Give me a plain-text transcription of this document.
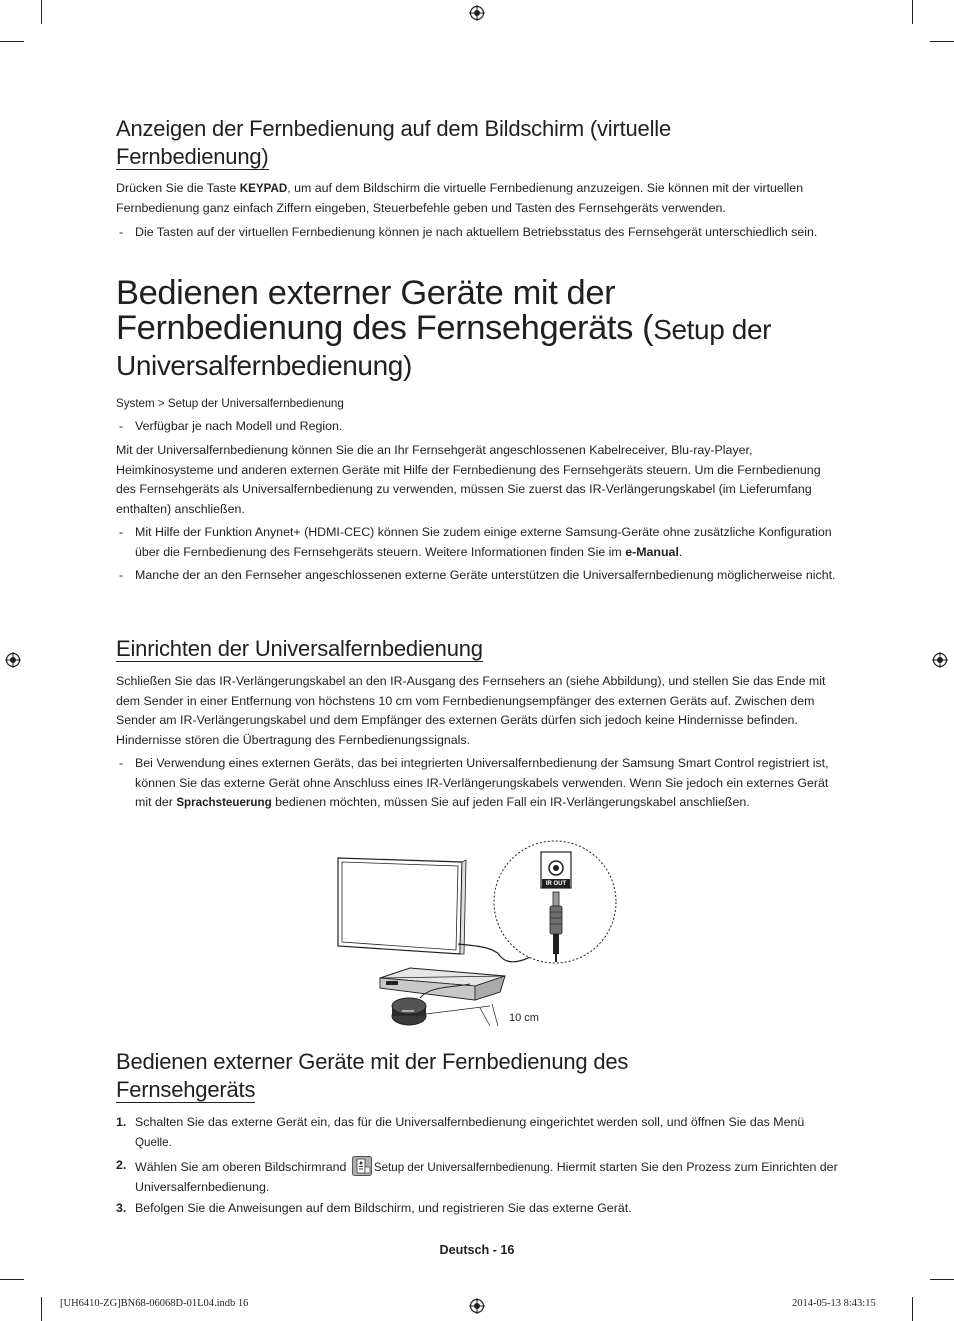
Anzeigen der Fernbedienung auf dem Bildschirm (virtuelle
Fernbedienung)

Drücken Sie die Taste KEYPAD, um auf dem Bildschirm die virtuelle Fernbedienung anzuzeigen. Sie können mit der virtuellen Fernbedienung ganz einfach Ziffern eingeben, Steuerbefehle geben und Tasten des Fernsehgeräts verwenden.

- Die Tasten auf der virtuellen Fernbedienung können je nach aktuellem Betriebsstatus des Fernsehgerät unterschiedlich sein.

Bedienen externer Geräte mit der
Fernbedienung des Fernsehgeräts (Setup der
Universalfernbedienung)
System > Setup der Universalfernbedienung
- Verfügbar je nach Modell und Region.

Mit der Universalfernbedienung können Sie die an Ihr Fernsehgerät angeschlossenen Kabelreceiver, Blu-ray-Player, Heimkinosysteme und anderen externen Geräte mit Hilfe der Fernbedienung des Fernsehgeräts steuern. Um die Fernbedienung des Fernsehgeräts als Universalfernbedienung zu verwenden, müssen Sie zuerst das IR-Verlängerungskabel (im Lieferumfang enthalten) anschließen.

- Mit Hilfe der Funktion Anynet+ (HDMI-CEC) können Sie zudem einige externe Samsung-Geräte ohne zusätzliche Konfiguration über die Fernbedienung des Fernsehgeräts steuern. Weitere Informationen finden Sie im e-Manual.

- Manche der an den Fernseher angeschlossenen externe Geräte unterstützen die Universalfernbedienung möglicherweise nicht.

Einrichten der Universalfernbedienung

Schließen Sie das IR-Verlängerungskabel an den IR-Ausgang des Fernsehers an (siehe Abbildung), und stellen Sie das Ende mit dem Sender in einer Entfernung von höchstens 10 cm vom Fernbedienungsempfänger des externen Geräts auf. Zwischen dem Sender am IR-Verlängerungskabel und dem Empfänger des externen Geräts dürfen sich jedoch keine Hindernisse befinden. Hindernisse stören die Übertragung des Fernbedienungssignals.

- Bei Verwendung eines externen Geräts, das bei integrierten Universalfernbedienung der Samsung Smart Control registriert ist, können Sie das externe Gerät ohne Anschluss eines IR-Verlängerungskabels verwenden. Wenn Sie jedoch ein externes Gerät mit der Sprachsteuerung bedienen möchten, müssen Sie auf jeden Fall ein IR-Verlängerungskabel anschließen.

IR OUT
10 cm
Bedienen externer Geräte mit der Fernbedienung des
Fernsehgeräts
1. Schalten Sie das externe Gerät ein, das für die Universalfernbedienung eingerichtet werden soll, und öffnen Sie das Menü Quelle.

2. Wählen Sie am oberen Bildschirmrand Setup der Universalfernbedienung. Hiermit starten Sie den Prozess zum Einrichten der Universalfernbedienung.

3. Befolgen Sie die Anweisungen auf dem Bildschirm, und registrieren Sie das externe Gerät.

Deutsch - 16
[UH6410-ZG]BN68-06068D-01L04.indb 16	2014-05-13 8:43:15
